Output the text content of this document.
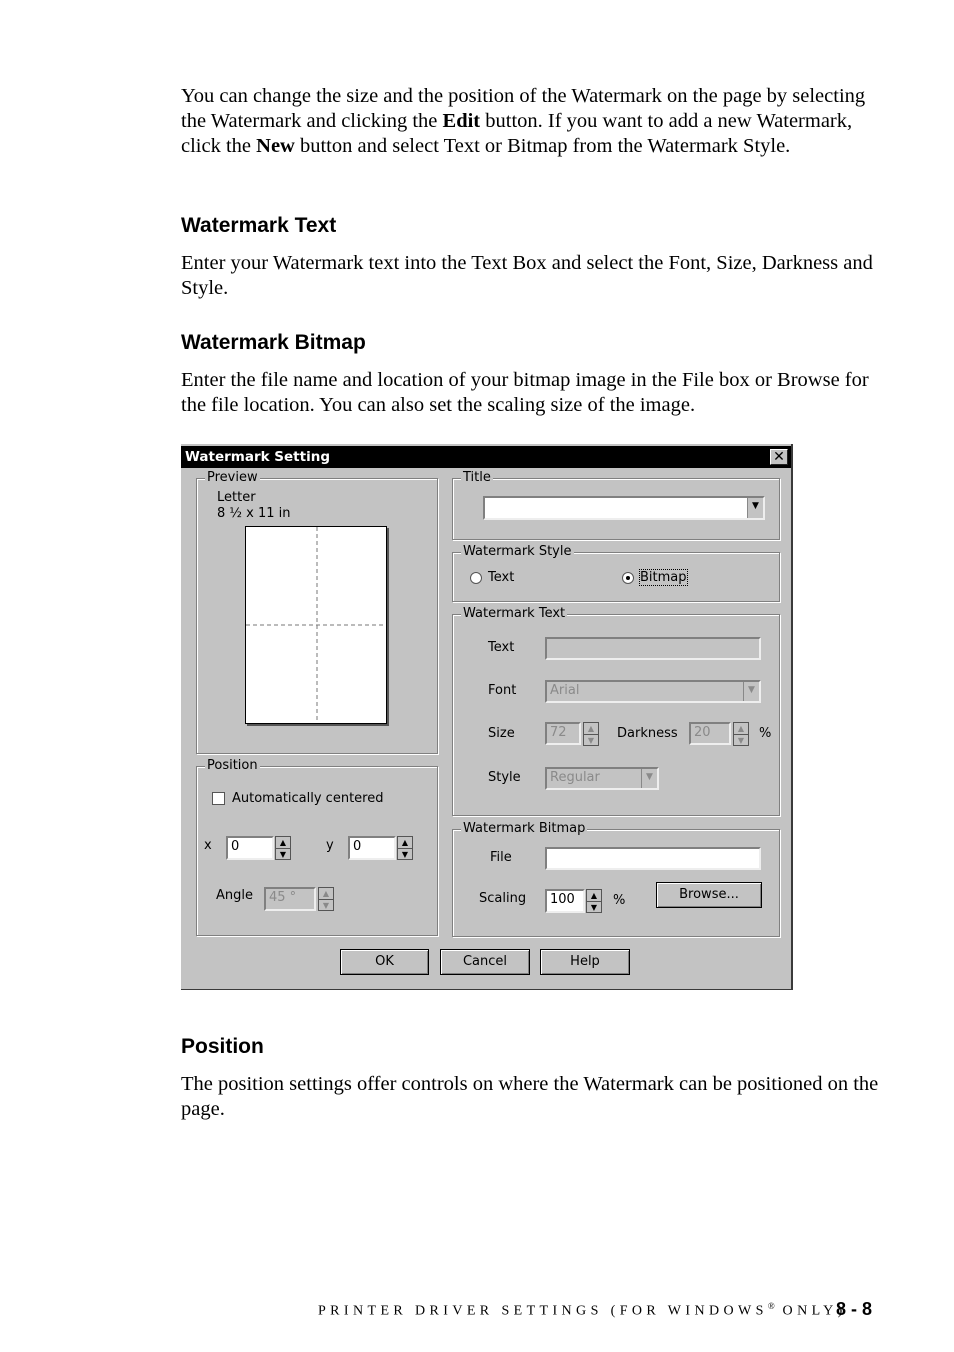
You can change the size and the position of the Watermark on the page by selecting the Watermark and clicking the Edit button. If you want to add a new Watermark, click the New button and select Text or Bitmap from the Watermark Style.

Watermark Text

Enter your Watermark text into the Text Box and select the Font, Size, Darkness and Style.

Watermark Bitmap

Enter the file name and location of your bitmap image in the File box or Browse for the file location. You can also set the scaling size of the image.

Watermark Setting	✕
Preview
Letter
8 ½ x 11 in
Position
Automatically centered
x	0	▲
▼
y	0	▲
▼
Angle	45 °	▲
▼
Title
▼
Watermark Style
Text	Bitmap
Watermark Text
Text
Font	Arial	▼
Size	72	▲
▼	Darkness	20	▲
▼	%
Style	Regular	▼
Watermark Bitmap
File
Scaling	100	▲
▼	%	Browse...
OK	Cancel	Help
Position

The position settings offer controls on where the Watermark can be positioned on the page.

PRINTER DRIVER SETTINGS (FOR WINDOWS® ONLY)
8 - 8
